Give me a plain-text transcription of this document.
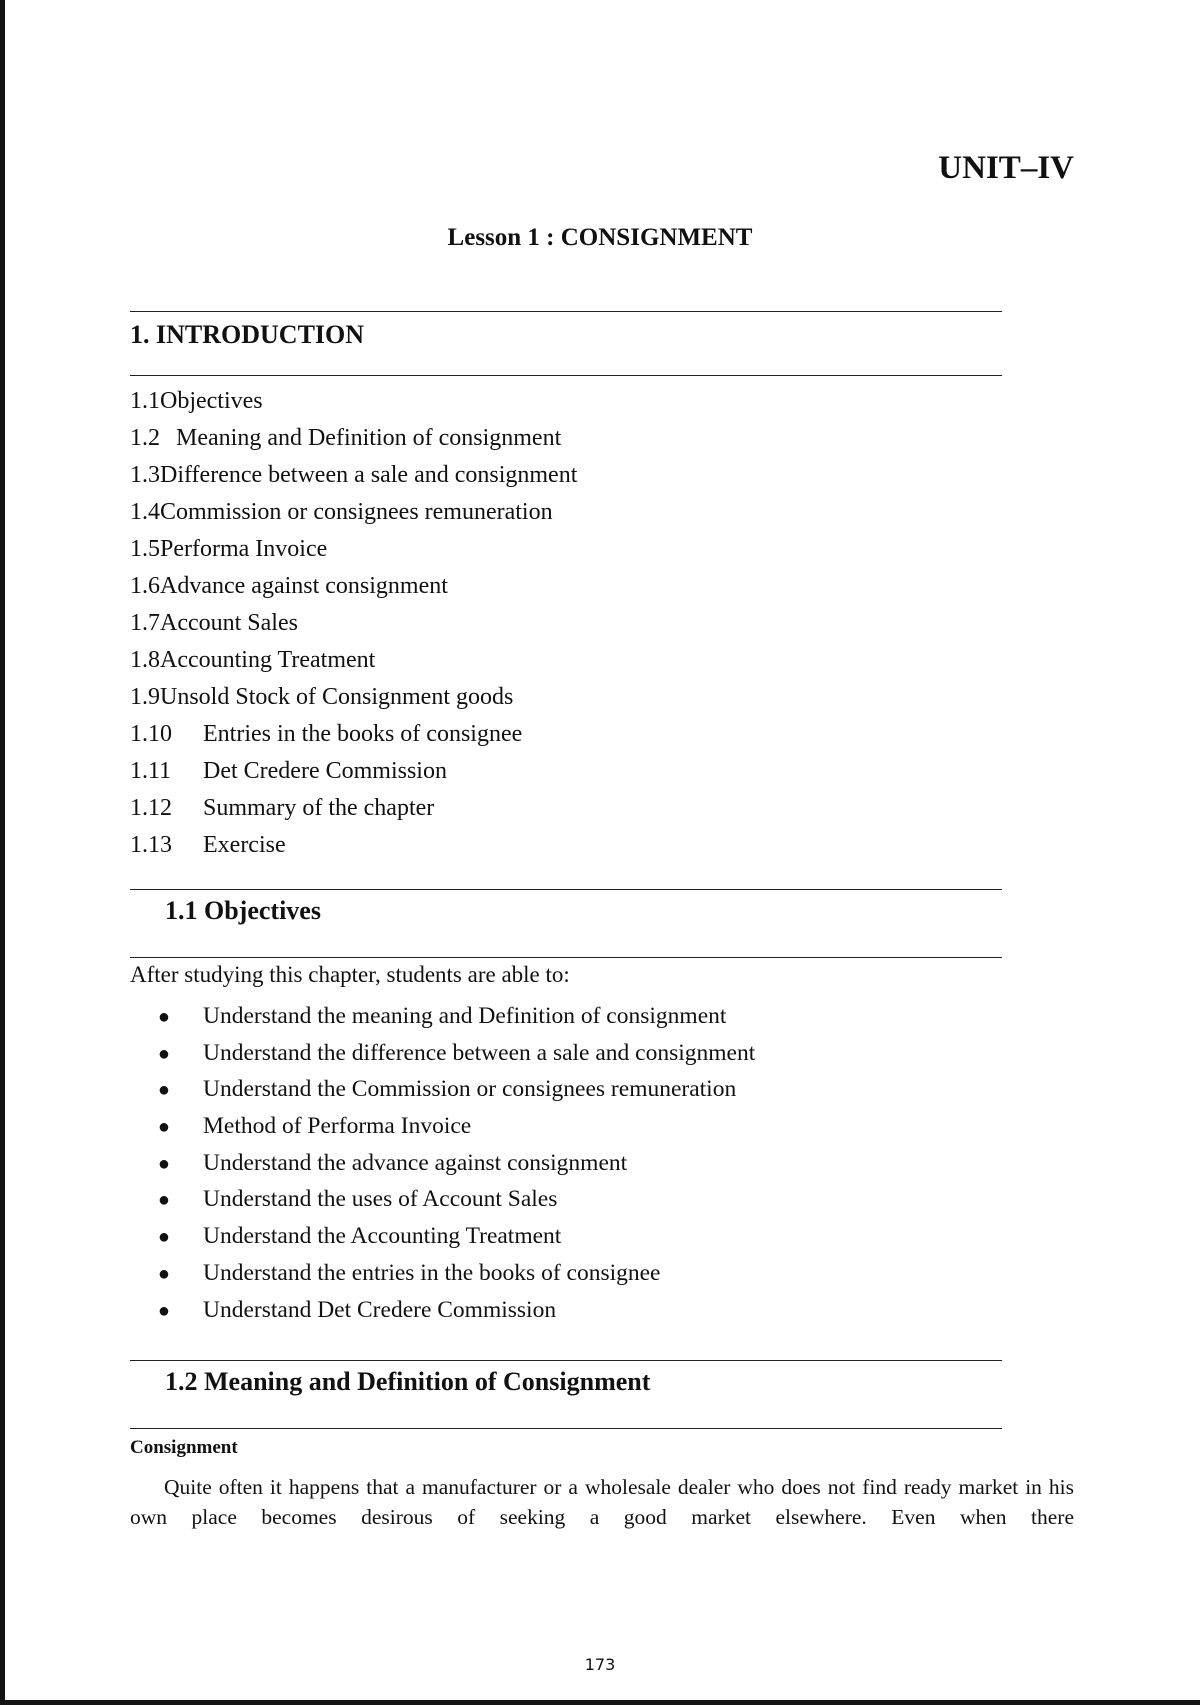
UNIT–IV
Lesson 1 : CONSIGNMENT
1. INTRODUCTION
1.1Objectives
1.2 Meaning and Definition of consignment
1.3Difference between a sale and consignment
1.4Commission or consignees remuneration
1.5Performa Invoice
1.6Advance against consignment
1.7Account Sales
1.8Accounting Treatment
1.9Unsold Stock of Consignment goods
1.10 Entries in the books of consignee
1.11 Det Credere Commission
1.12 Summary of the chapter
1.13 Exercise
1.1 Objectives

After studying this chapter, students are able to:

● Understand the meaning and Definition of consignment
● Understand the difference between a sale and consignment
● Understand the Commission or consignees remuneration
● Method of Performa Invoice
● Understand the advance against consignment
● Understand the uses of Account Sales
● Understand the Accounting Treatment
● Understand the entries in the books of consignee
● Understand Det Credere Commission
1.2 Meaning and Definition of Consignment

Consignment

Quite often it happens that a manufacturer or a wholesale dealer who does not find ready market in his own place becomes desirous of seeking a good market elsewhere. Even when there

173
